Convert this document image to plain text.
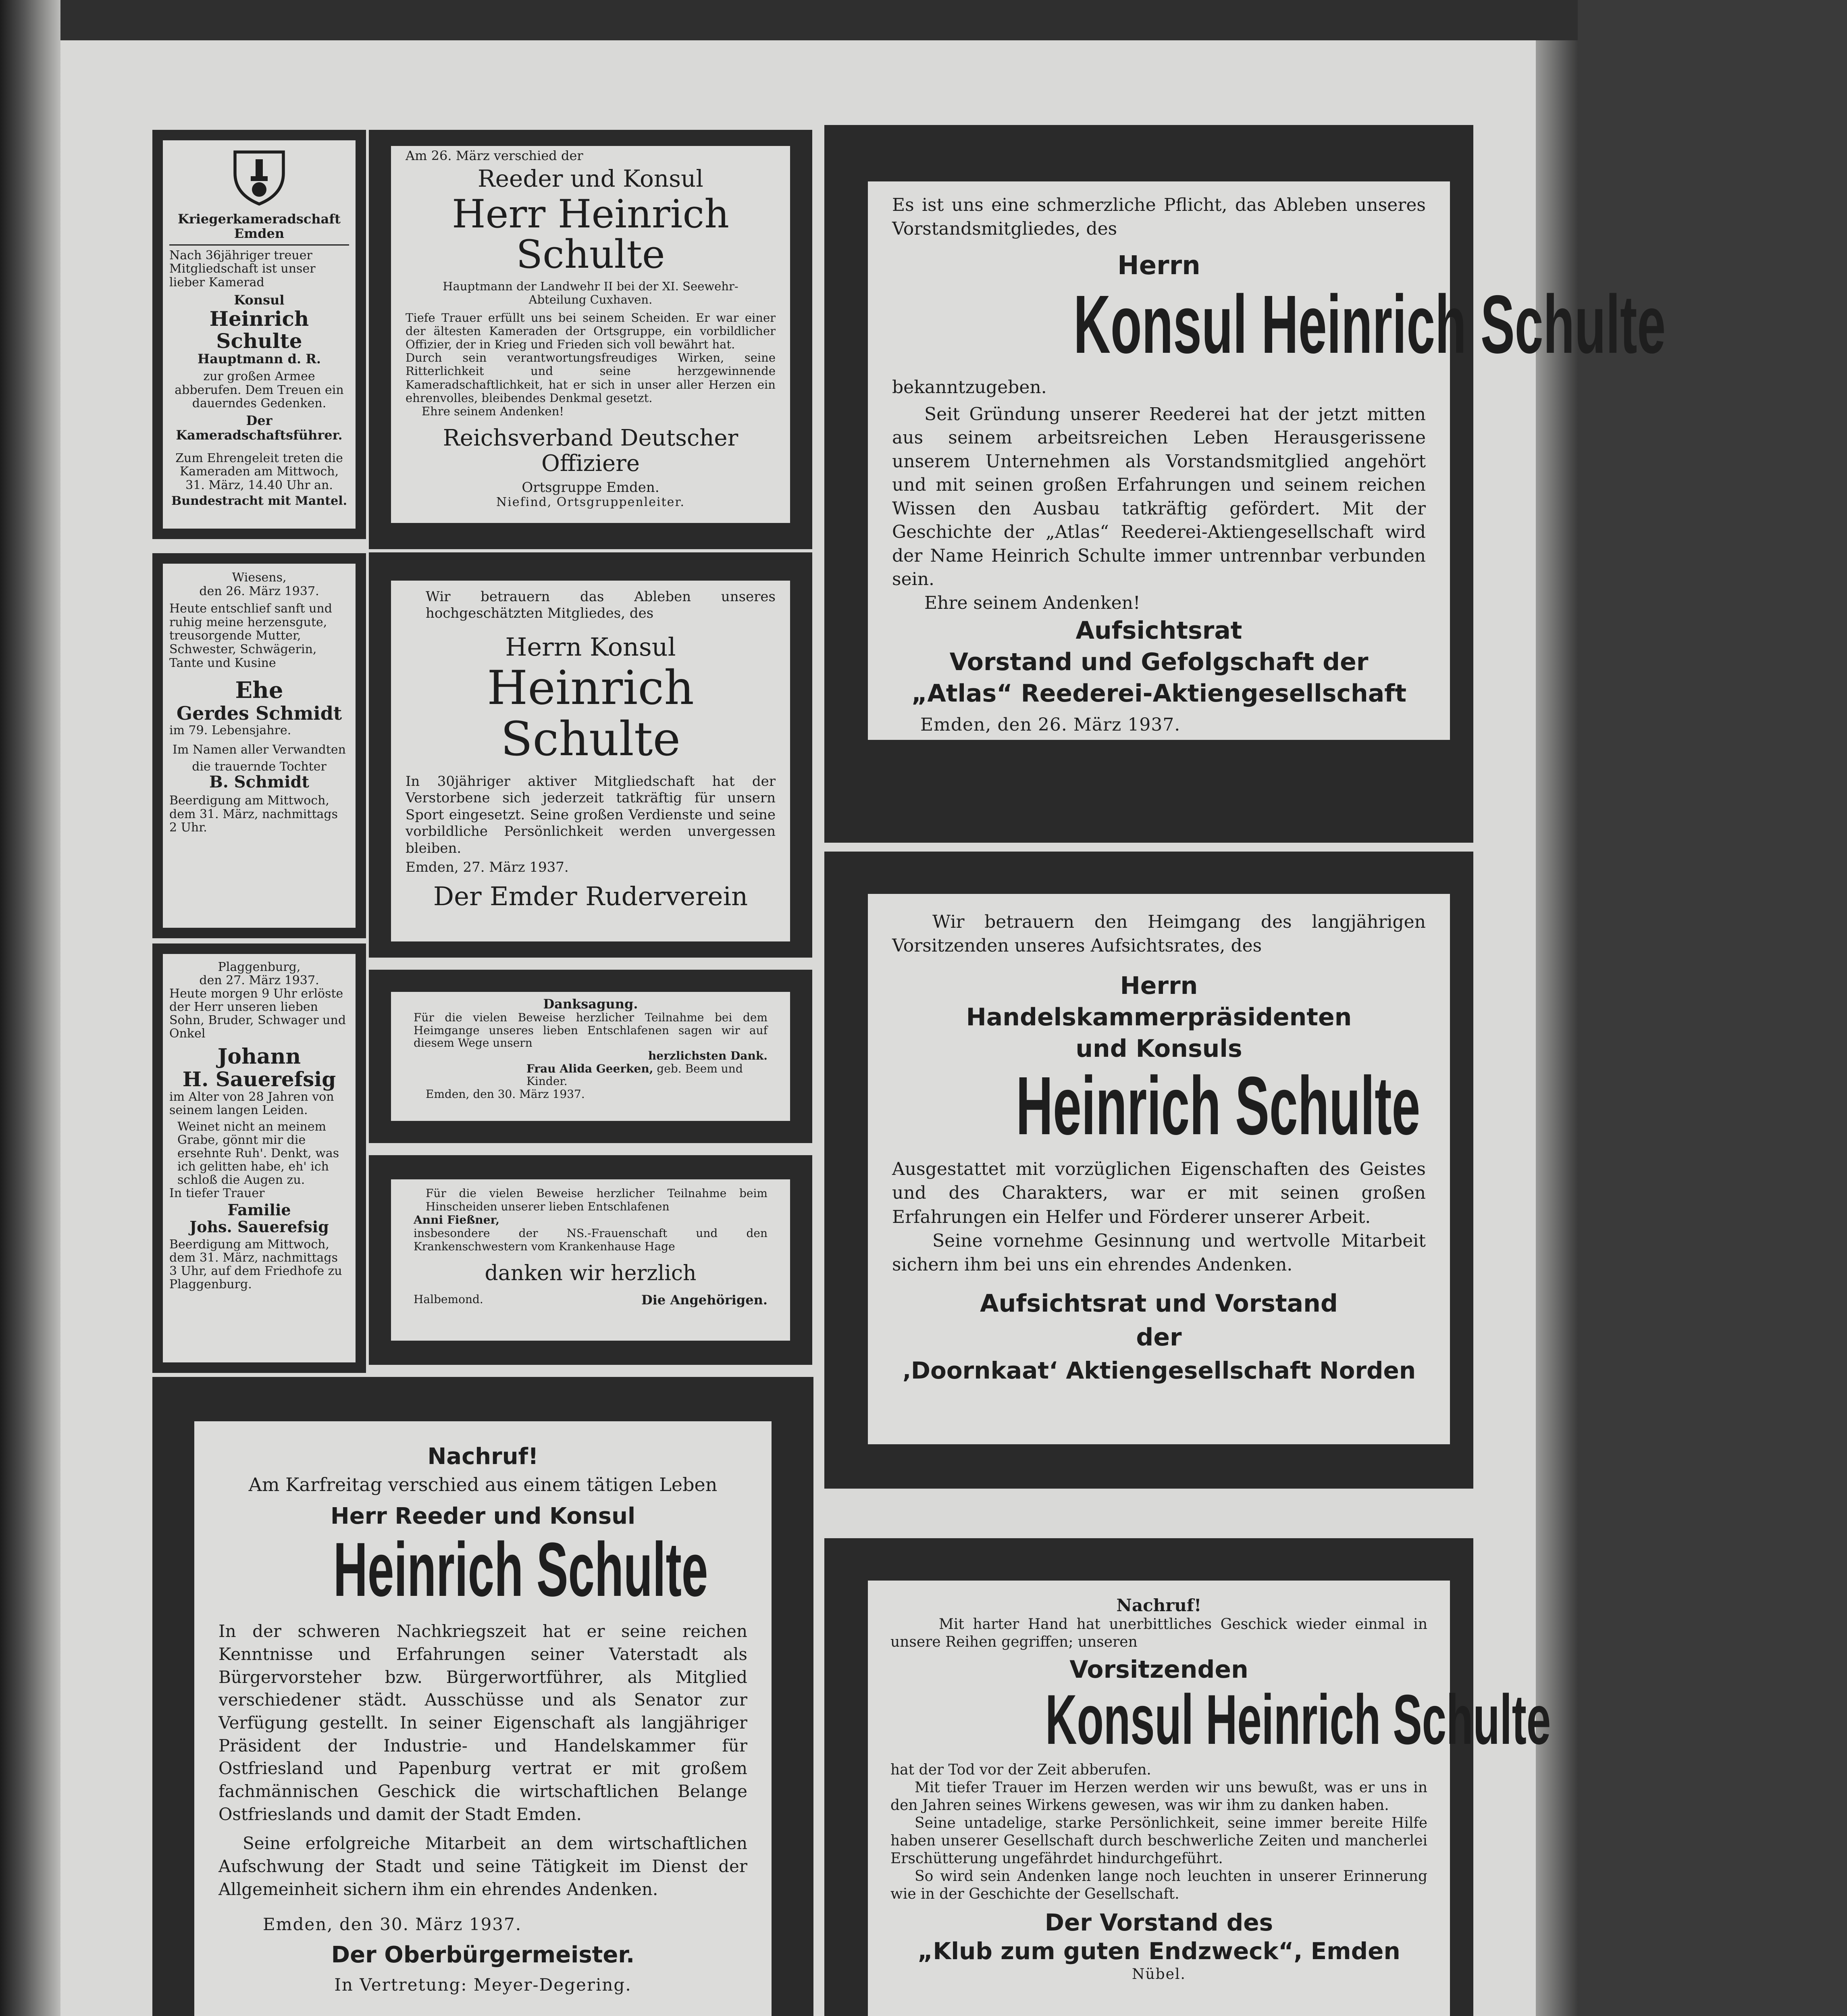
Kriegerkameradschaft Emden

Nach 36jähriger treuer Mitgliedschaft ist unser lieber Kamerad

Konsul

Heinrich Schulte

Hauptmann d. R.

zur großen Armee abberufen. Dem Treuen ein dauerndes Gedenken.

Der Kameradschaftsführer.

Zum Ehrengeleit treten die Kameraden am Mittwoch, 31. März, 14.40 Uhr an.

Bundestracht mit Mantel.

Am 26. März verschied der

Reeder und Konsul

Herr Heinrich Schulte

Hauptmann der Landwehr II bei der XI. Seewehr-Abteilung Cuxhaven.

Tiefe Trauer erfüllt uns bei seinem Scheiden. Er war einer der ältesten Kameraden der Ortsgruppe, ein vorbildlicher Offizier, der in Krieg und Frieden sich voll bewährt hat.

Durch sein verantwortungsfreudiges Wirken, seine Ritterlichkeit und seine herzgewinnende Kameradschaftlichkeit, hat er sich in unser aller Herzen ein ehrenvolles, bleibendes Denkmal gesetzt.

Ehre seinem Andenken!

Reichsverband Deutscher Offiziere

Ortsgruppe Emden.

Niefind, Ortsgruppenleiter.

Wiesens,

den 26. März 1937.

Heute entschlief sanft und ruhig meine herzensgute, treusorgende Mutter, Schwester, Schwägerin, Tante und Kusine

Ehe

Gerdes Schmidt

im 79. Lebensjahre.

Im Namen aller Verwandten

die trauernde Tochter

B. Schmidt

Beerdigung am Mittwoch, dem 31. März, nachmittags 2 Uhr.

Wir betrauern das Ableben unseres hochgeschätzten Mitgliedes, des

Herrn Konsul

Heinrich Schulte

In 30jähriger aktiver Mitgliedschaft hat der Verstorbene sich jederzeit tatkräftig für unsern Sport eingesetzt. Seine großen Verdienste und seine vorbildliche Persönlichkeit werden unvergessen bleiben.

Emden, 27. März 1937.

Der Emder Ruderverein

Plaggenburg,

den 27. März 1937.

Heute morgen 9 Uhr erlöste der Herr unseren lieben Sohn, Bruder, Schwager und Onkel

Johann

H. Sauerefsig

im Alter von 28 Jahren von seinem langen Leiden.

Weinet nicht an meinem Grabe, gönnt mir die ersehnte Ruh'. Denkt, was ich gelitten habe, eh' ich schloß die Augen zu.

In tiefer Trauer

Familie

Johs. Sauerefsig

Beerdigung am Mittwoch, dem 31. März, nachmittags 3 Uhr, auf dem Friedhofe zu Plaggenburg.

Danksagung.

Für die vielen Beweise herzlicher Teilnahme bei dem Heimgange unseres lieben Entschlafenen sagen wir auf diesem Wege unsern

herzlichsten Dank.

Frau Alida Geerken, geb. Beem und Kinder.

Emden, den 30. März 1937.

Für die vielen Beweise herzlicher Teilnahme beim Hinscheiden unserer lieben Entschlafenen

Anni Fießner,

insbesondere der NS.-Frauenschaft und den Krankenschwestern vom Krankenhause Hage

danken wir herzlich

Halbemond.	Die Angehörigen.

Nachruf!

Am Karfreitag verschied aus einem tätigen Leben

Herr Reeder und Konsul

Heinrich Schulte

In der schweren Nachkriegszeit hat er seine reichen Kenntnisse und Erfahrungen seiner Vaterstadt als Bürgervorsteher bzw. Bürgerwortführer, als Mitglied verschiedener städt. Ausschüsse und als Senator zur Verfügung gestellt. In seiner Eigenschaft als langjähriger Präsident der Industrie- und Handelskammer für Ostfriesland und Papenburg vertrat er mit großem fachmännischen Geschick die wirtschaftlichen Belange Ostfrieslands und damit der Stadt Emden.

Seine erfolgreiche Mitarbeit an dem wirtschaftlichen Aufschwung der Stadt und seine Tätigkeit im Dienst der Allgemeinheit sichern ihm ein ehrendes Andenken.

Emden, den 30. März 1937.

Der Oberbürgermeister.

In Vertretung: Meyer-Degering.

Es ist uns eine schmerzliche Pflicht, das Ableben unseres Vorstandsmitgliedes, des

Herrn

Konsul Heinrich Schulte

bekanntzugeben.

Seit Gründung unserer Reederei hat der jetzt mitten aus seinem arbeitsreichen Leben Herausgerissene unserem Unternehmen als Vorstandsmitglied angehört und mit seinen großen Erfahrungen und seinem reichen Wissen den Ausbau tatkräftig gefördert. Mit der Geschichte der „Atlas“ Reederei-Aktiengesellschaft wird der Name Heinrich Schulte immer untrennbar verbunden sein.

Ehre seinem Andenken!

Aufsichtsrat

Vorstand und Gefolgschaft der

„Atlas“ Reederei-Aktiengesellschaft

Emden, den 26. März 1937.

Wir betrauern den Heimgang des langjährigen Vorsitzenden unseres Aufsichtsrates, des

Herrn

Handelskammerpräsidenten

und Konsuls

Heinrich Schulte

Ausgestattet mit vorzüglichen Eigenschaften des Geistes und des Charakters, war er mit seinen großen Erfahrungen ein Helfer und Förderer unserer Arbeit.

Seine vornehme Gesinnung und wertvolle Mitarbeit sichern ihm bei uns ein ehrendes Andenken.

Aufsichtsrat und Vorstand

der

‚Doornkaat‘ Aktiengesellschaft Norden

Nachruf!

Mit harter Hand hat unerbittliches Geschick wieder einmal in unsere Reihen gegriffen; unseren

Vorsitzenden

Konsul Heinrich Schulte

hat der Tod vor der Zeit abberufen.

Mit tiefer Trauer im Herzen werden wir uns bewußt, was er uns in den Jahren seines Wirkens gewesen, was wir ihm zu danken haben.

Seine untadelige, starke Persönlichkeit, seine immer bereite Hilfe haben unserer Gesellschaft durch beschwerliche Zeiten und mancherlei Erschütterung ungefährdet hindurchgeführt.

So wird sein Andenken lange noch leuchten in unserer Erinnerung wie in der Geschichte der Gesellschaft.

Der Vorstand des

„Klub zum guten Endzweck“, Emden

Nübel.
